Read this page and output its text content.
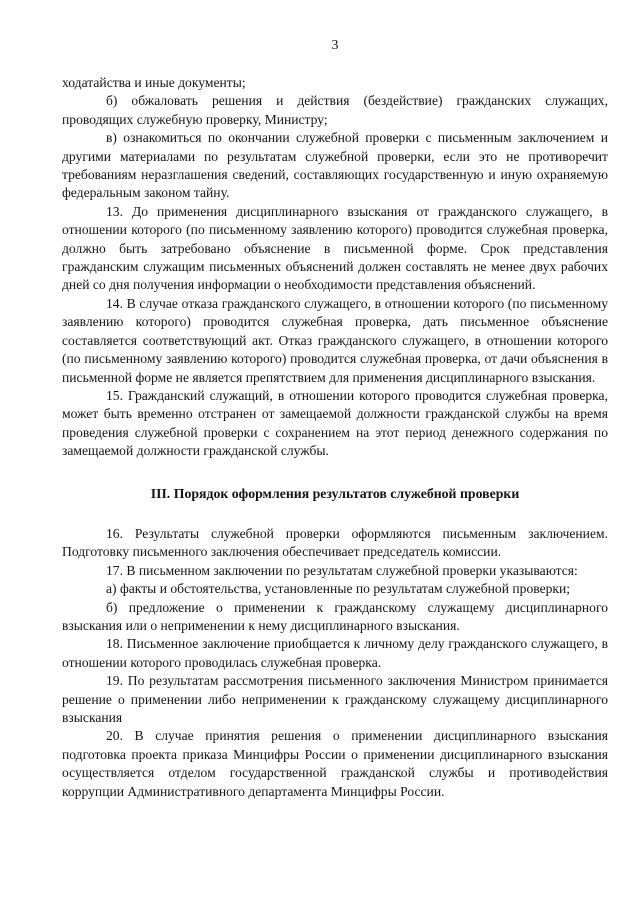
3

ходатайства и иные документы;

б) обжаловать решения и действия (бездействие) гражданских служащих, проводящих служебную проверку, Министру;

в) ознакомиться по окончании служебной проверки с письменным заключением и другими материалами по результатам служебной проверки, если это не противоречит требованиям неразглашения сведений, составляющих государственную и иную охраняемую федеральным законом тайну.

13. До применения дисциплинарного взыскания от гражданского служащего, в отношении которого (по письменному заявлению которого) проводится служебная проверка, должно быть затребовано объяснение в письменной форме. Срок представления гражданским служащим письменных объяснений должен составлять не менее двух рабочих дней со дня получения информации о необходимости представления объяснений.

14. В случае отказа гражданского служащего, в отношении которого (по письменному заявлению которого) проводится служебная проверка, дать письменное объяснение составляется соответствующий акт. Отказ гражданского служащего, в отношении которого (по письменному заявлению которого) проводится служебная проверка, от дачи объяснения в письменной форме не является препятствием для применения дисциплинарного взыскания.

15. Гражданский служащий, в отношении которого проводится служебная проверка, может быть временно отстранен от замещаемой должности гражданской службы на время проведения служебной проверки с сохранением на этот период денежного содержания по замещаемой должности гражданской службы.

III. Порядок оформления результатов служебной проверки

16. Результаты служебной проверки оформляются письменным заключением. Подготовку письменного заключения обеспечивает председатель комиссии.

17. В письменном заключении по результатам служебной проверки указываются:

а) факты и обстоятельства, установленные по результатам служебной проверки;

б) предложение о применении к гражданскому служащему дисциплинарного взыскания или о неприменении к нему дисциплинарного взыскания.

18. Письменное заключение приобщается к личному делу гражданского служащего, в отношении которого проводилась служебная проверка.

19. По результатам рассмотрения письменного заключения Министром принимается решение о применении либо неприменении к гражданскому служащему дисциплинарного взыскания

20. В случае принятия решения о применении дисциплинарного взыскания подготовка проекта приказа Минцифры России о применении дисциплинарного взыскания осуществляется отделом государственной гражданской службы и противодействия коррупции Административного департамента Минцифры России.
